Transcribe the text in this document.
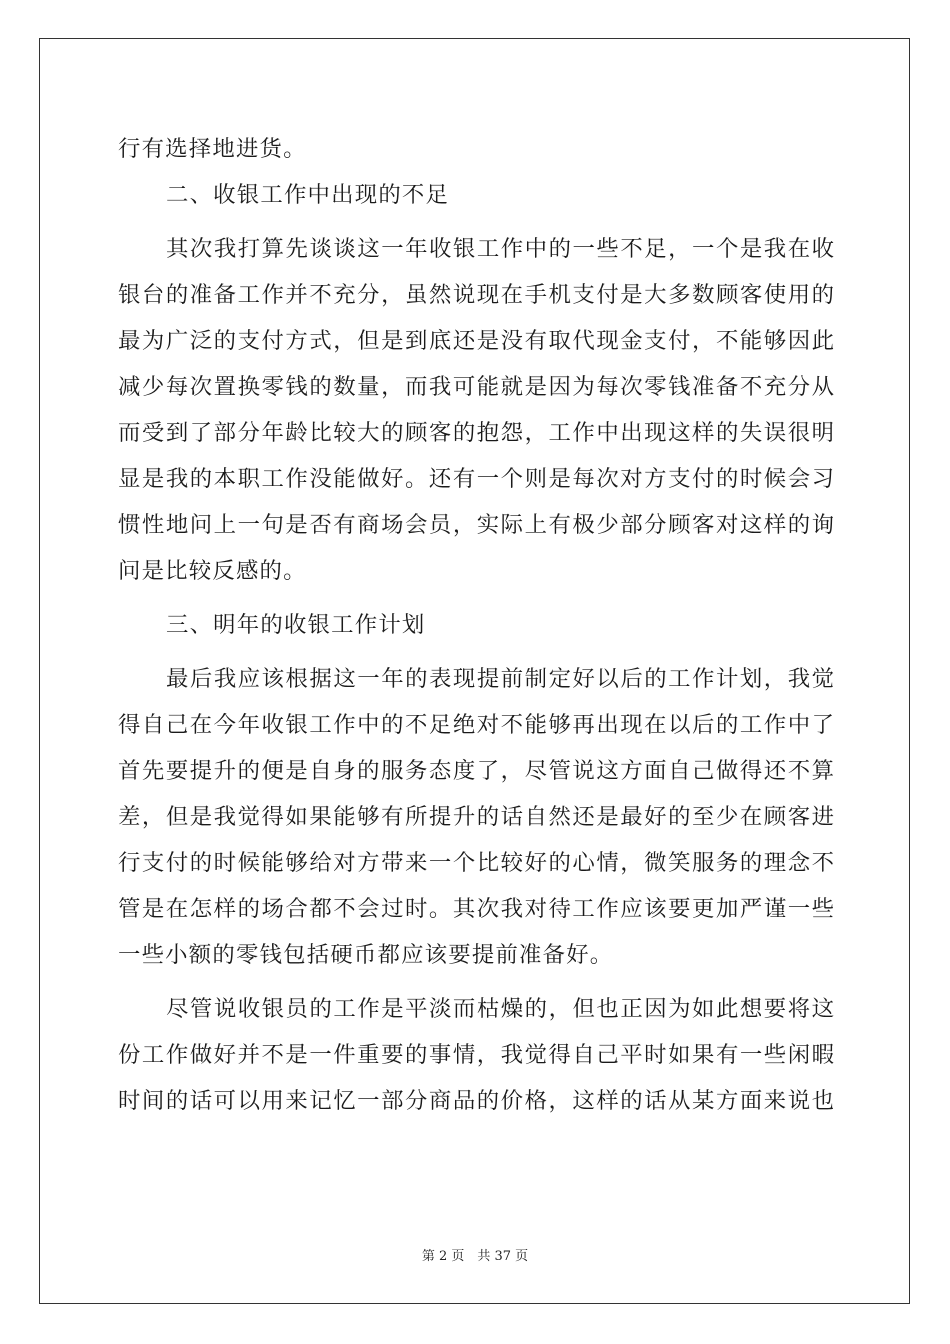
行有选择地进货。
二、收银工作中出现的不足
其次我打算先谈谈这一年收银工作中的一些不足，一个是我在收
银台的准备工作并不充分，虽然说现在手机支付是大多数顾客使用的
最为广泛的支付方式，但是到底还是没有取代现金支付，不能够因此
减少每次置换零钱的数量，而我可能就是因为每次零钱准备不充分从
而受到了部分年龄比较大的顾客的抱怨，工作中出现这样的失误很明
显是我的本职工作没能做好。还有一个则是每次对方支付的时候会习
惯性地问上一句是否有商场会员，实际上有极少部分顾客对这样的询
问是比较反感的。
三、明年的收银工作计划
最后我应该根据这一年的表现提前制定好以后的工作计划，我觉
得自己在今年收银工作中的不足绝对不能够再出现在以后的工作中了
首先要提升的便是自身的服务态度了，尽管说这方面自己做得还不算
差，但是我觉得如果能够有所提升的话自然还是最好的至少在顾客进
行支付的时候能够给对方带来一个比较好的心情，微笑服务的理念不
管是在怎样的场合都不会过时。其次我对待工作应该要更加严谨一些
一些小额的零钱包括硬币都应该要提前准备好。
尽管说收银员的工作是平淡而枯燥的，但也正因为如此想要将这
份工作做好并不是一件重要的事情，我觉得自己平时如果有一些闲暇
时间的话可以用来记忆一部分商品的价格，这样的话从某方面来说也
第 2 页　共 37 页
